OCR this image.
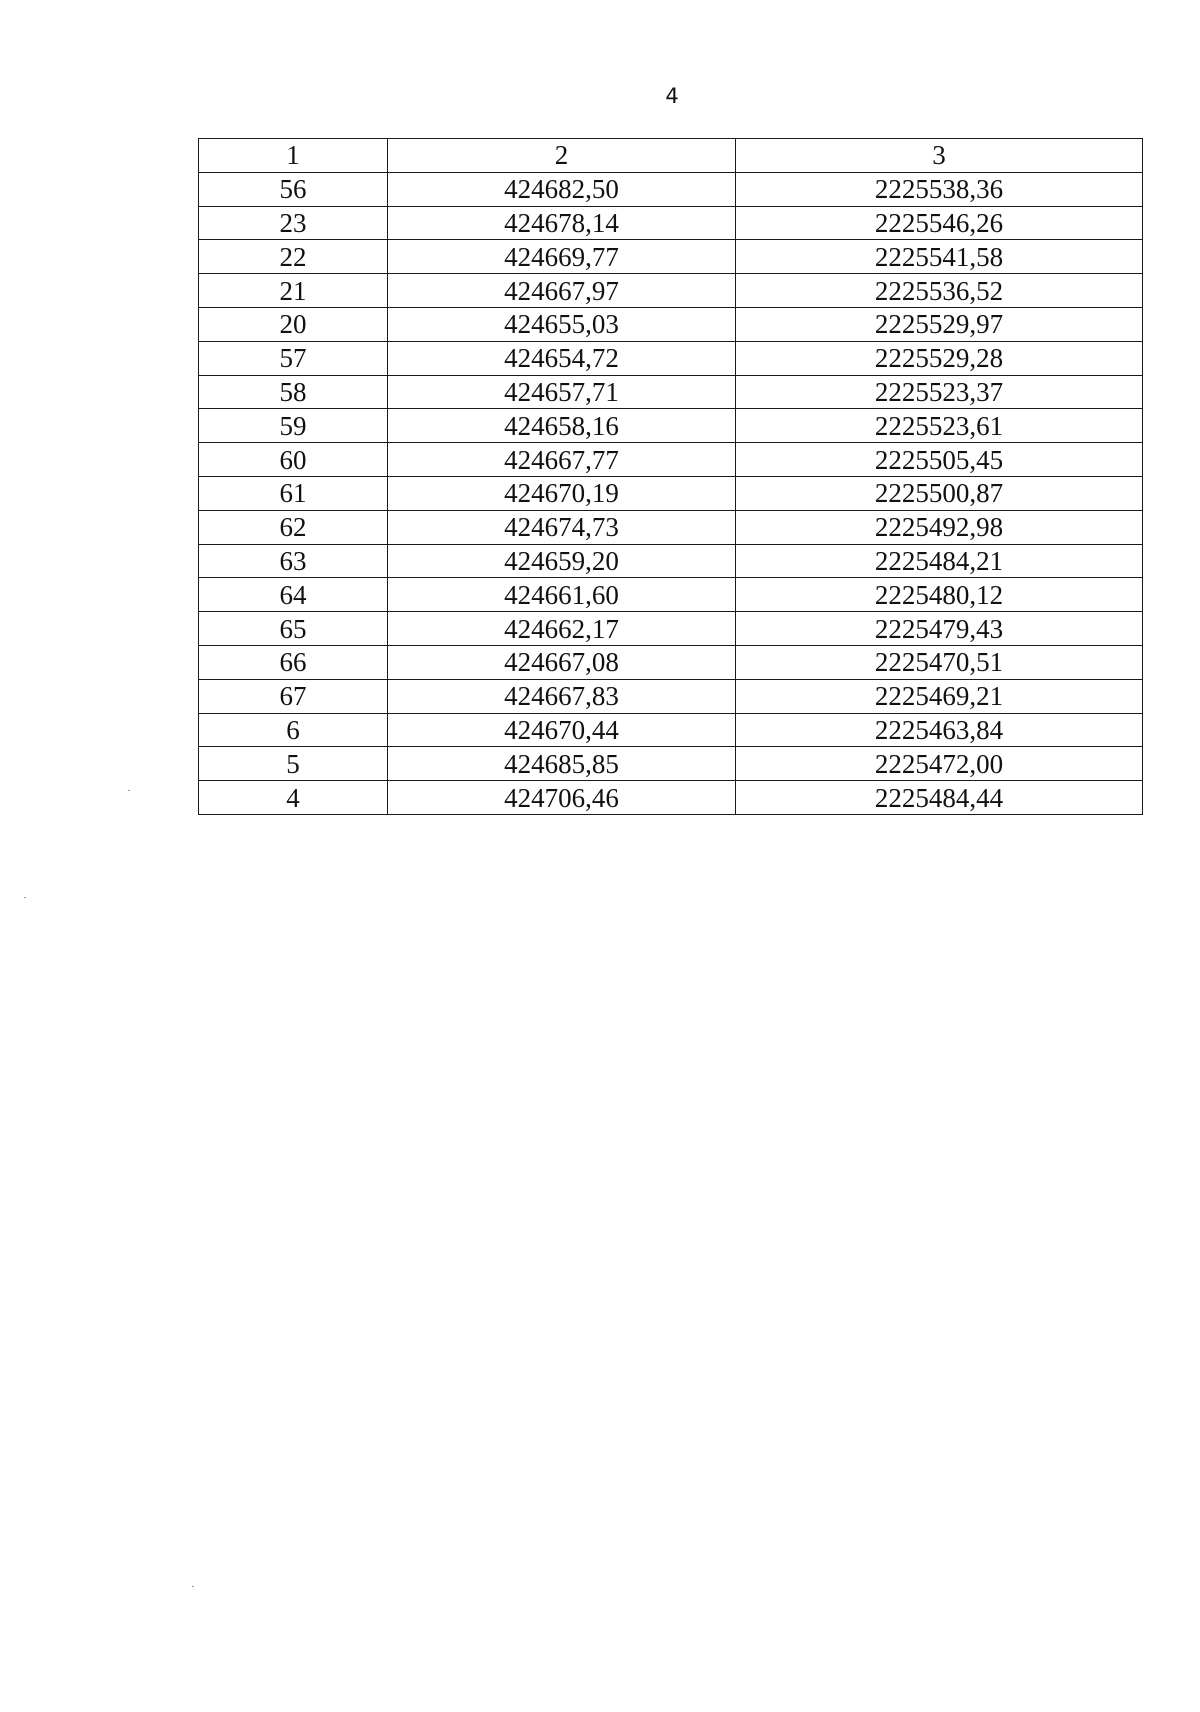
4
1	2	3
56	424682,50	2225538,36
23	424678,14	2225546,26
22	424669,77	2225541,58
21	424667,97	2225536,52
20	424655,03	2225529,97
57	424654,72	2225529,28
58	424657,71	2225523,37
59	424658,16	2225523,61
60	424667,77	2225505,45
61	424670,19	2225500,87
62	424674,73	2225492,98
63	424659,20	2225484,21
64	424661,60	2225480,12
65	424662,17	2225479,43
66	424667,08	2225470,51
67	424667,83	2225469,21
6	424670,44	2225463,84
5	424685,85	2225472,00
4	424706,46	2225484,44
